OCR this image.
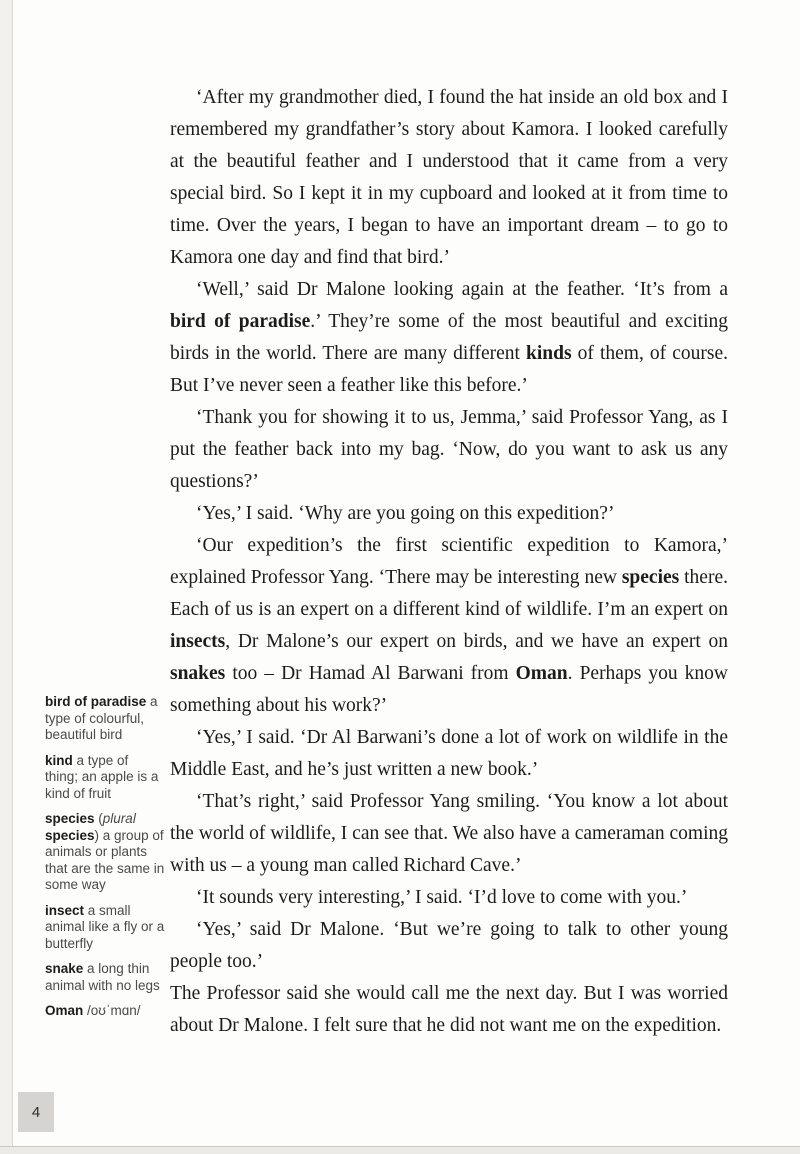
bird of paradise a type of colourful, beautiful bird
kind a type of thing; an apple is a kind of fruit
species (plural species) a group of animals or plants that are the same in some way
insect a small animal like a fly or a butterfly
snake a long thin animal with no legs
Oman /oʊˈmɑn/

‘After my grandmother died, I found the hat inside an old box and I remembered my grandfather’s story about Kamora. I looked carefully at the beautiful feather and I understood that it came from a very special bird. So I kept it in my cupboard and looked at it from time to time. Over the years, I began to have an important dream – to go to Kamora one day and find that bird.’

‘Well,’ said Dr Malone looking again at the feather. ‘It’s from a bird of paradise.’ They’re some of the most beautiful and exciting birds in the world. There are many different kinds of them, of course. But I’ve never seen a feather like this before.’

‘Thank you for showing it to us, Jemma,’ said Professor Yang, as I put the feather back into my bag. ‘Now, do you want to ask us any questions?’

‘Yes,’ I said. ‘Why are you going on this expedition?’

‘Our expedition’s the first scientific expedition to Kamora,’ explained Professor Yang. ‘There may be interesting new species there. Each of us is an expert on a different kind of wildlife. I’m an expert on insects, Dr Malone’s our expert on birds, and we have an expert on snakes too – Dr Hamad Al Barwani from Oman. Perhaps you know something about his work?’

‘Yes,’ I said. ‘Dr Al Barwani’s done a lot of work on wildlife in the Middle East, and he’s just written a new book.’

‘That’s right,’ said Professor Yang smiling. ‘You know a lot about the world of wildlife, I can see that. We also have a cameraman coming with us – a young man called Richard Cave.’

‘It sounds very interesting,’ I said. ‘I’d love to come with you.’

‘Yes,’ said Dr Malone. ‘But we’re going to talk to other young people too.’

The Professor said she would call me the next day. But I was worried about Dr Malone. I felt sure that he did not want me on the expedition.

4
